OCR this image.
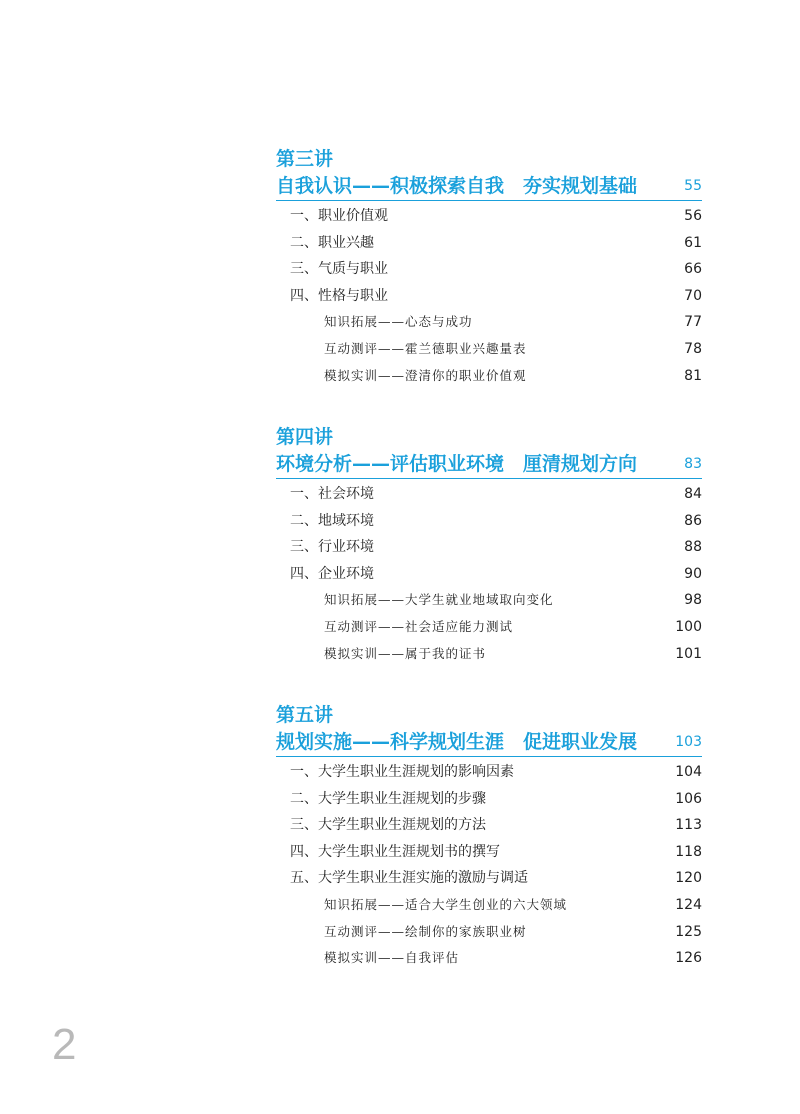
第三讲
自我认识——积极探索自我　夯实规划基础	55
一、职业价值观	56
二、职业兴趣	61
三、气质与职业	66
四、性格与职业	70
知识拓展——心态与成功	77
互动测评——霍兰德职业兴趣量表	78
模拟实训——澄清你的职业价值观	81
第四讲
环境分析——评估职业环境　厘清规划方向	83
一、社会环境	84
二、地域环境	86
三、行业环境	88
四、企业环境	90
知识拓展——大学生就业地域取向变化	98
互动测评——社会适应能力测试	100
模拟实训——属于我的证书	101
第五讲
规划实施——科学规划生涯　促进职业发展	103
一、大学生职业生涯规划的影响因素	104
二、大学生职业生涯规划的步骤	106
三、大学生职业生涯规划的方法	113
四、大学生职业生涯规划书的撰写	118
五、大学生职业生涯实施的激励与调适	120
知识拓展——适合大学生创业的六大领域	124
互动测评——绘制你的家族职业树	125
模拟实训——自我评估	126
2
